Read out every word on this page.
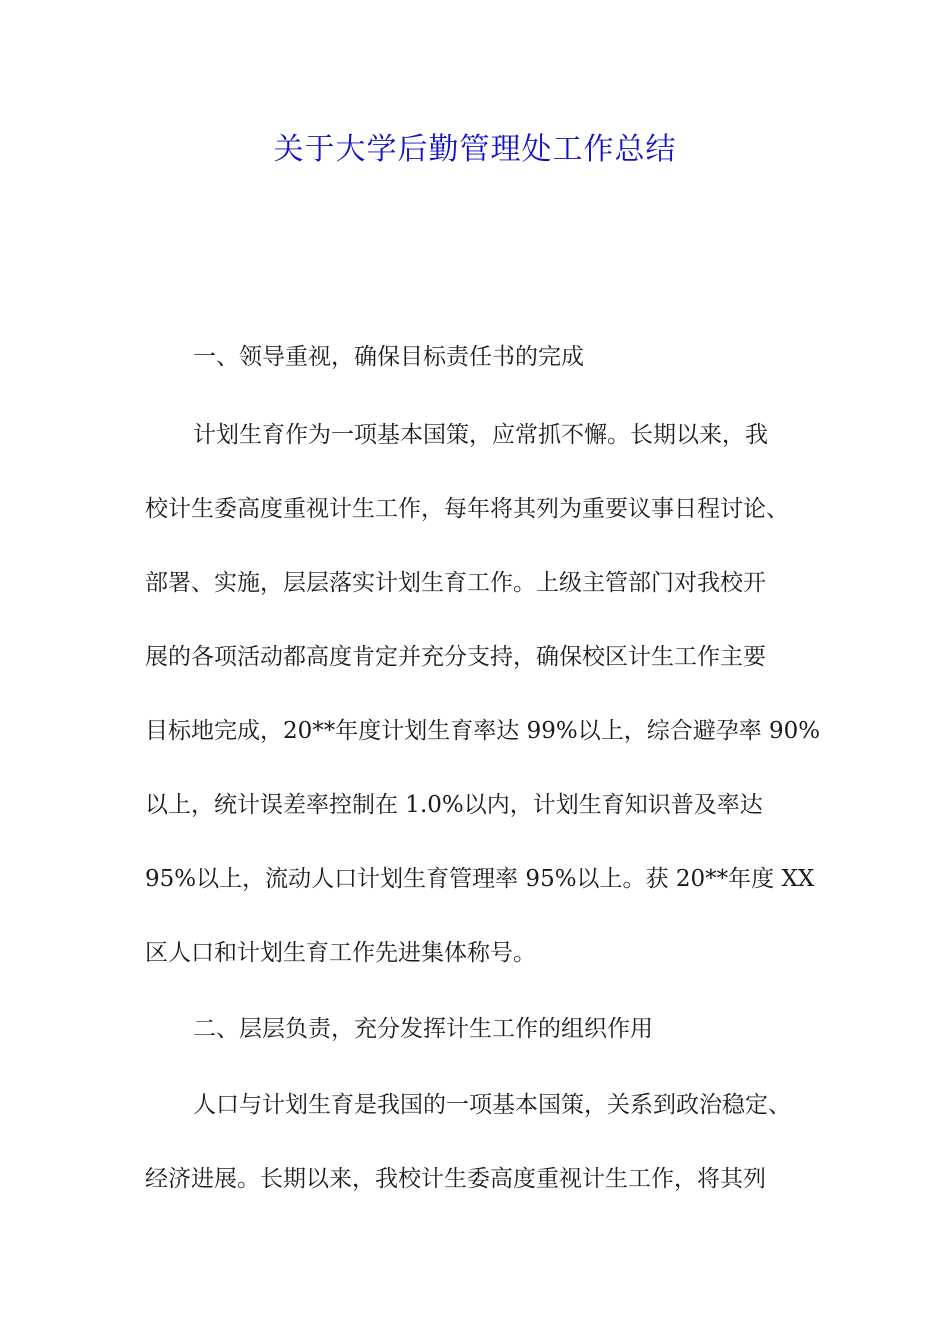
关于大学后勤管理处工作总结

一、领导重视，确保目标责任书的完成

计划生育作为一项基本国策，应常抓不懈。长期以来，我

校计生委高度重视计生工作，每年将其列为重要议事日程讨论、

部署、实施，层层落实计划生育工作。上级主管部门对我校开

展的各项活动都高度肯定并充分支持，确保校区计生工作主要

目标地完成，20**年度计划生育率达 99%以上，综合避孕率 90%

以上，统计误差率控制在 1.0%以内，计划生育知识普及率达

95%以上，流动人口计划生育管理率 95%以上。获 20**年度 XX

区人口和计划生育工作先进集体称号。

二、层层负责，充分发挥计生工作的组织作用

人口与计划生育是我国的一项基本国策，关系到政治稳定、

经济进展。长期以来，我校计生委高度重视计生工作，将其列
